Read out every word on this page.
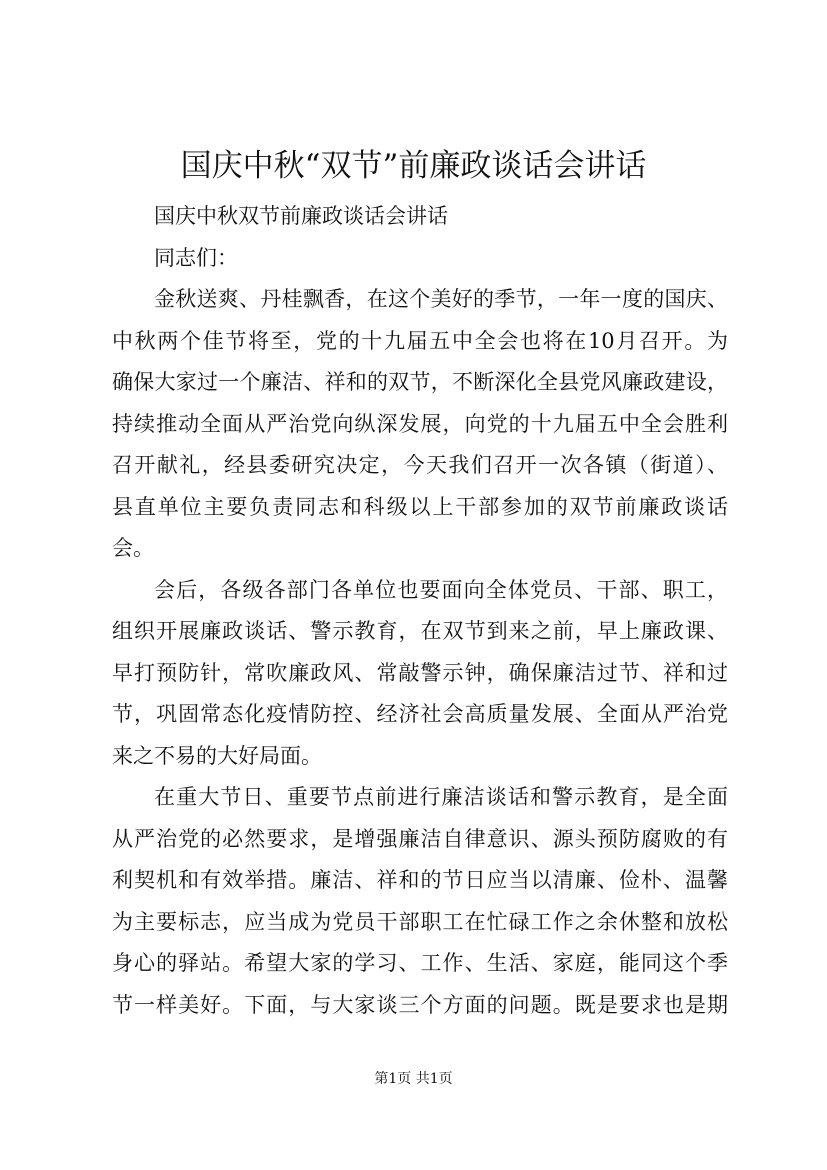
国庆中秋“双节”前廉政谈话会讲话
国庆中秋双节前廉政谈话会讲话
同志们：
金秋送爽、丹桂飘香，在这个美好的季节，一年一度的国庆、
中秋两个佳节将至，党的十九届五中全会也将在10月召开。为
确保大家过一个廉洁、祥和的双节，不断深化全县党风廉政建设，
持续推动全面从严治党向纵深发展，向党的十九届五中全会胜利
召开献礼，经县委研究决定，今天我们召开一次各镇（街道）、
县直单位主要负责同志和科级以上干部参加的双节前廉政谈话
会。
会后，各级各部门各单位也要面向全体党员、干部、职工，
组织开展廉政谈话、警示教育，在双节到来之前，早上廉政课、
早打预防针，常吹廉政风、常敲警示钟，确保廉洁过节、祥和过
节，巩固常态化疫情防控、经济社会高质量发展、全面从严治党
来之不易的大好局面。
在重大节日、重要节点前进行廉洁谈话和警示教育，是全面
从严治党的必然要求，是增强廉洁自律意识、源头预防腐败的有
利契机和有效举措。廉洁、祥和的节日应当以清廉、俭朴、温馨
为主要标志，应当成为党员干部职工在忙碌工作之余休整和放松
身心的驿站。希望大家的学习、工作、生活、家庭，能同这个季
节一样美好。下面，与大家谈三个方面的问题。既是要求也是期
第1页 共1页
